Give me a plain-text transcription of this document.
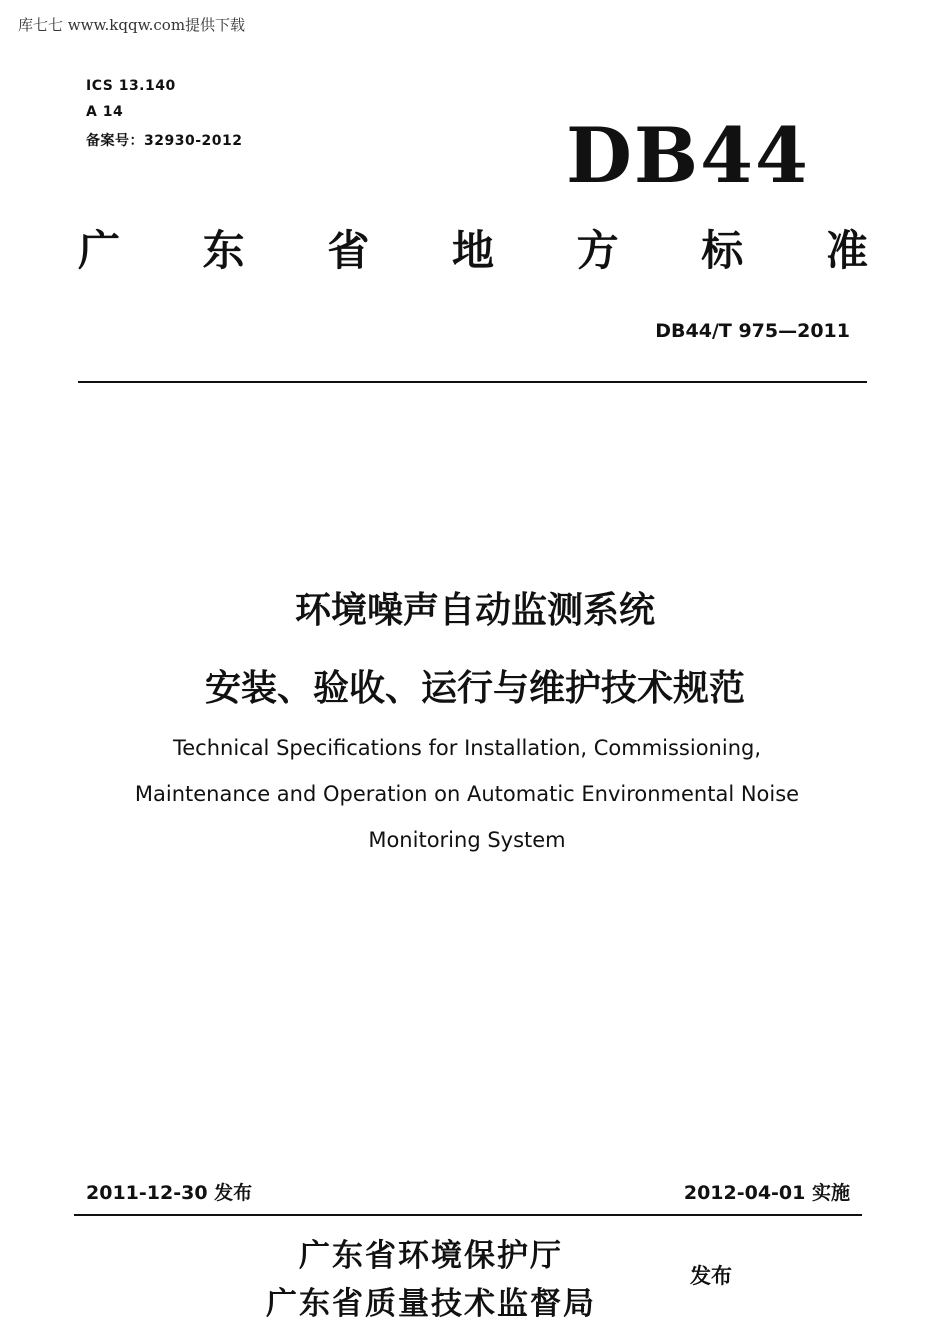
库七七 www.kqqw.com提供下载
ICS 13.140
A 14
备案号：32930-2012	DB44
广 东 省 地 方 标 准
DB44/T 975—2011
环境噪声自动监测系统
安装、验收、运行与维护技术规范
Technical Specifications for Installation, Commissioning,
Maintenance and Operation on Automatic Environmental Noise
Monitoring System
2011-12-30 发布	2012-04-01 实施
广东省环境保护厅
广东省质量技术监督局
发布
